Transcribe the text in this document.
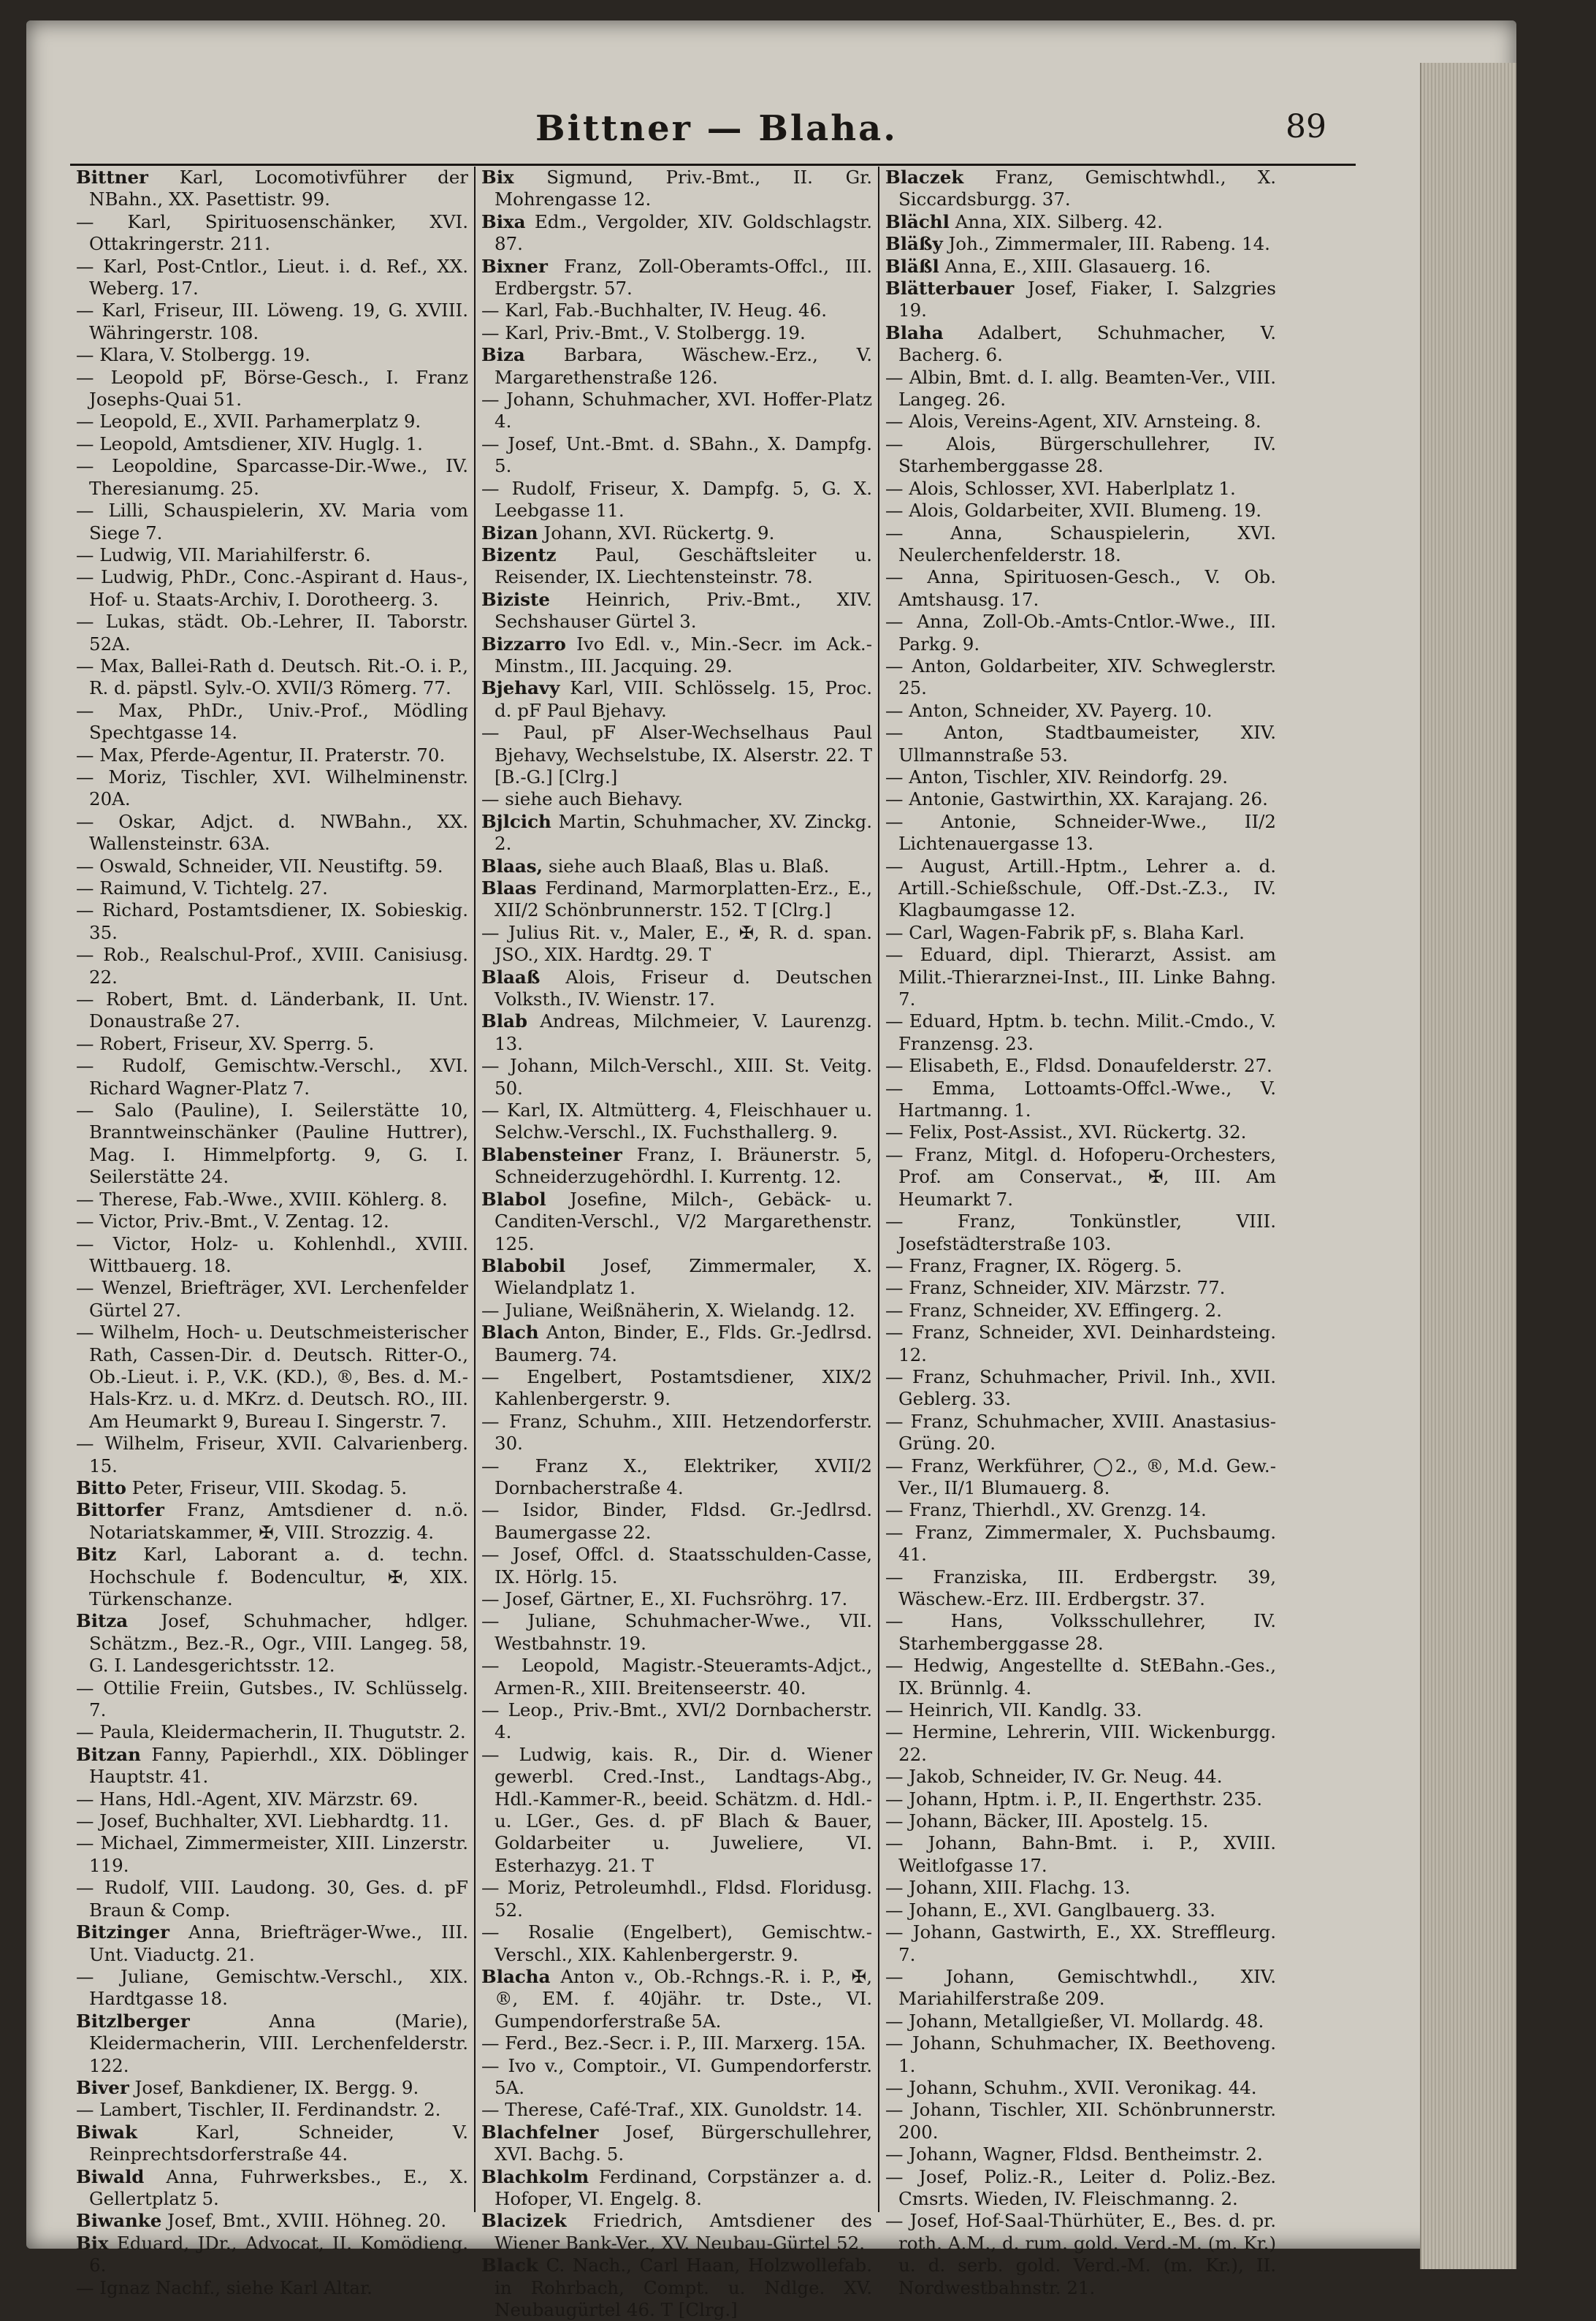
Bittner — Blaha.	89

Bittner Karl, Locomotivführer der NBahn., XX. Pasettistr. 99.

— Karl, Spirituosenschänker, XVI. Ottakringerstr. 211.

— Karl, Post-Cntlor., Lieut. i. d. Ref., XX. Weberg. 17.

— Karl, Friseur, III. Löweng. 19, G. XVIII. Währingerstr. 108.

— Klara, V. Stolbergg. 19.

— Leopold pF, Börse-Gesch., I. Franz Josephs-Quai 51.

— Leopold, E., XVII. Parhamerplatz 9.

— Leopold, Amtsdiener, XIV. Huglg. 1.

— Leopoldine, Sparcasse-Dir.-Wwe., IV. Theresianumg. 25.

— Lilli, Schauspielerin, XV. Maria vom Siege 7.

— Ludwig, VII. Mariahilferstr. 6.

— Ludwig, PhDr., Conc.-Aspirant d. Haus-, Hof- u. Staats-Archiv, I. Dorotheerg. 3.

— Lukas, städt. Ob.-Lehrer, II. Taborstr. 52A.

— Max, Ballei-Rath d. Deutsch. Rit.-O. i. P., R. d. päpstl. Sylv.-O. XVII/3 Römerg. 77.

— Max, PhDr., Univ.-Prof., Mödling Spechtgasse 14.

— Max, Pferde-Agentur, II. Praterstr. 70.

— Moriz, Tischler, XVI. Wilhelminenstr. 20A.

— Oskar, Adjct. d. NWBahn., XX. Wallensteinstr. 63A.

— Oswald, Schneider, VII. Neustiftg. 59.

— Raimund, V. Tichtelg. 27.

— Richard, Postamtsdiener, IX. Sobieskig. 35.

— Rob., Realschul-Prof., XVIII. Canisiusg. 22.

— Robert, Bmt. d. Länderbank, II. Unt. Donaustraße 27.

— Robert, Friseur, XV. Sperrg. 5.

— Rudolf, Gemischtw.-Verschl., XVI. Richard Wagner-Platz 7.

— Salo (Pauline), I. Seilerstätte 10, Branntweinschänker (Pauline Huttrer), Mag. I. Himmelpfortg. 9, G. I. Seilerstätte 24.

— Therese, Fab.-Wwe., XVIII. Köhlerg. 8.

— Victor, Priv.-Bmt., V. Zentag. 12.

— Victor, Holz- u. Kohlenhdl., XVIII. Wittbauerg. 18.

— Wenzel, Briefträger, XVI. Lerchenfelder Gürtel 27.

— Wilhelm, Hoch- u. Deutschmeisterischer Rath, Cassen-Dir. d. Deutsch. Ritter-O., Ob.-Lieut. i. P., V.K. (KD.), ®, Bes. d. M.-Hals-Krz. u. d. MKrz. d. Deutsch. RO., III. Am Heumarkt 9, Bureau I. Singerstr. 7.

— Wilhelm, Friseur, XVII. Calvarienberg. 15.

Bitto Peter, Friseur, VIII. Skodag. 5.

Bittorfer Franz, Amtsdiener d. n.ö. Notariatskammer, ✠, VIII. Strozzig. 4.

Bitz Karl, Laborant a. d. techn. Hochschule f. Bodencultur, ✠, XIX. Türkenschanze.

Bitza Josef, Schuhmacher, hdlger. Schätzm., Bez.-R., Ogr., VIII. Langeg. 58, G. I. Landesgerichtsstr. 12.

— Ottilie Freiin, Gutsbes., IV. Schlüsselg. 7.

— Paula, Kleidermacherin, II. Thugutstr. 2.

Bitzan Fanny, Papierhdl., XIX. Döblinger Hauptstr. 41.

— Hans, Hdl.-Agent, XIV. Märzstr. 69.

— Josef, Buchhalter, XVI. Liebhardtg. 11.

— Michael, Zimmermeister, XIII. Linzerstr. 119.

— Rudolf, VIII. Laudong. 30, Ges. d. pF Braun & Comp.

Bitzinger Anna, Briefträger-Wwe., III. Unt. Viaductg. 21.

— Juliane, Gemischtw.-Verschl., XIX. Hardtgasse 18.

Bitzlberger Anna (Marie), Kleidermacherin, VIII. Lerchenfelderstr. 122.

Biver Josef, Bankdiener, IX. Bergg. 9.

— Lambert, Tischler, II. Ferdinandstr. 2.

Biwak Karl, Schneider, V. Reinprechtsdorferstraße 44.

Biwald Anna, Fuhrwerksbes., E., X. Gellertplatz 5.

Biwanke Josef, Bmt., XVIII. Höhneg. 20.

Bix Eduard, JDr., Advocat, II. Komödieng. 6.

— Ignaz Nachf., siehe Karl Altar.

Bix Sigmund, Priv.-Bmt., II. Gr. Mohrengasse 12.

Bixa Edm., Vergolder, XIV. Goldschlagstr. 87.

Bixner Franz, Zoll-Oberamts-Offcl., III. Erdbergstr. 57.

— Karl, Fab.-Buchhalter, IV. Heug. 46.

— Karl, Priv.-Bmt., V. Stolbergg. 19.

Biza Barbara, Wäschew.-Erz., V. Margarethenstraße 126.

— Johann, Schuhmacher, XVI. Hoffer-Platz 4.

— Josef, Unt.-Bmt. d. SBahn., X. Dampfg. 5.

— Rudolf, Friseur, X. Dampfg. 5, G. X. Leebgasse 11.

Bizan Johann, XVI. Rückertg. 9.

Bizentz Paul, Geschäftsleiter u. Reisender, IX. Liechtensteinstr. 78.

Biziste Heinrich, Priv.-Bmt., XIV. Sechshauser Gürtel 3.

Bizzarro Ivo Edl. v., Min.-Secr. im Ack.-Minstm., III. Jacquing. 29.

Bjehavy Karl, VIII. Schlösselg. 15, Proc. d. pF Paul Bjehavy.

— Paul, pF Alser-Wechselhaus Paul Bjehavy, Wechselstube, IX. Alserstr. 22. T [B.-G.] [Clrg.]

— siehe auch Biehavy.

Bjlcich Martin, Schuhmacher, XV. Zinckg. 2.

Blaas, siehe auch Blaaß, Blas u. Blaß.

Blaas Ferdinand, Marmorplatten-Erz., E., XII/2 Schönbrunnerstr. 152. T [Clrg.]

— Julius Rit. v., Maler, E., ✠, R. d. span. JSO., XIX. Hardtg. 29. T

Blaaß Alois, Friseur d. Deutschen Volksth., IV. Wienstr. 17.

Blab Andreas, Milchmeier, V. Laurenzg. 13.

— Johann, Milch-Verschl., XIII. St. Veitg. 50.

— Karl, IX. Altmütterg. 4, Fleischhauer u. Selchw.-Verschl., IX. Fuchsthallerg. 9.

Blabensteiner Franz, I. Bräunerstr. 5, Schneiderzugehördhl. I. Kurrentg. 12.

Blabol Josefine, Milch-, Gebäck- u. Canditen-Verschl., V/2 Margarethenstr. 125.

Blabobil Josef, Zimmermaler, X. Wielandplatz 1.

— Juliane, Weißnäherin, X. Wielandg. 12.

Blach Anton, Binder, E., Flds. Gr.-Jedlrsd. Baumerg. 74.

— Engelbert, Postamtsdiener, XIX/2 Kahlenbergerstr. 9.

— Franz, Schuhm., XIII. Hetzendorferstr. 30.

— Franz X., Elektriker, XVII/2 Dornbacherstraße 4.

— Isidor, Binder, Fldsd. Gr.-Jedlrsd. Baumergasse 22.

— Josef, Offcl. d. Staatsschulden-Casse, IX. Hörlg. 15.

— Josef, Gärtner, E., XI. Fuchsröhrg. 17.

— Juliane, Schuhmacher-Wwe., VII. Westbahnstr. 19.

— Leopold, Magistr.-Steueramts-Adjct., Armen-R., XIII. Breitenseerstr. 40.

— Leop., Priv.-Bmt., XVI/2 Dornbacherstr. 4.

— Ludwig, kais. R., Dir. d. Wiener gewerbl. Cred.-Inst., Landtags-Abg., Hdl.-Kammer-R., beeid. Schätzm. d. Hdl.- u. LGer., Ges. d. pF Blach & Bauer, Goldarbeiter u. Juweliere, VI. Esterhazyg. 21. T

— Moriz, Petroleumhdl., Fldsd. Floridusg. 52.

— Rosalie (Engelbert), Gemischtw.-Verschl., XIX. Kahlenbergerstr. 9.

Blacha Anton v., Ob.-Rchngs.-R. i. P., ✠, ®, EM. f. 40jähr. tr. Dste., VI. Gumpendorferstraße 5A.

— Ferd., Bez.-Secr. i. P., III. Marxerg. 15A.

— Ivo v., Comptoir., VI. Gumpendorferstr. 5A.

— Therese, Café-Traf., XIX. Gunoldstr. 14.

Blachfelner Josef, Bürgerschullehrer, XVI. Bachg. 5.

Blachkolm Ferdinand, Corpstänzer a. d. Hofoper, VI. Engelg. 8.

Blacizek Friedrich, Amtsdiener des Wiener Bank-Ver., XV. Neubau-Gürtel 52.

Black C. Nach., Carl Haan, Holzwollefab. in Rohrbach, Compt. u. Ndlge. XV. Neubaugürtel 46. T [Clrg.]

Blaczek Franz, Gemischtwhdl., X. Siccardsburgg. 37.

Blächl Anna, XIX. Silberg. 42.

Bläßy Joh., Zimmermaler, III. Rabeng. 14.

Bläßl Anna, E., XIII. Glasauerg. 16.

Blätterbauer Josef, Fiaker, I. Salzgries 19.

Blaha Adalbert, Schuhmacher, V. Bacherg. 6.

— Albin, Bmt. d. I. allg. Beamten-Ver., VIII. Langeg. 26.

— Alois, Vereins-Agent, XIV. Arnsteing. 8.

— Alois, Bürgerschullehrer, IV. Starhemberggasse 28.

— Alois, Schlosser, XVI. Haberlplatz 1.

— Alois, Goldarbeiter, XVII. Blumeng. 19.

— Anna, Schauspielerin, XVI. Neulerchenfelderstr. 18.

— Anna, Spirituosen-Gesch., V. Ob. Amtshausg. 17.

— Anna, Zoll-Ob.-Amts-Cntlor.-Wwe., III. Parkg. 9.

— Anton, Goldarbeiter, XIV. Schweglerstr. 25.

— Anton, Schneider, XV. Payerg. 10.

— Anton, Stadtbaumeister, XIV. Ullmannstraße 53.

— Anton, Tischler, XIV. Reindorfg. 29.

— Antonie, Gastwirthin, XX. Karajang. 26.

— Antonie, Schneider-Wwe., II/2 Lichtenauergasse 13.

— August, Artill.-Hptm., Lehrer a. d. Artill.-Schießschule, Off.-Dst.-Z.3., IV. Klagbaumgasse 12.

— Carl, Wagen-Fabrik pF, s. Blaha Karl.

— Eduard, dipl. Thierarzt, Assist. am Milit.-Thierarznei-Inst., III. Linke Bahng. 7.

— Eduard, Hptm. b. techn. Milit.-Cmdo., V. Franzensg. 23.

— Elisabeth, E., Fldsd. Donaufelderstr. 27.

— Emma, Lottoamts-Offcl.-Wwe., V. Hartmanng. 1.

— Felix, Post-Assist., XVI. Rückertg. 32.

— Franz, Mitgl. d. Hofoperu-Orchesters, Prof. am Conservat., ✠, III. Am Heumarkt 7.

— Franz, Tonkünstler, VIII. Josefstädterstraße 103.

— Franz, Fragner, IX. Rögerg. 5.

— Franz, Schneider, XIV. Märzstr. 77.

— Franz, Schneider, XV. Effingerg. 2.

— Franz, Schneider, XVI. Deinhardsteing. 12.

— Franz, Schuhmacher, Privil. Inh., XVII. Geblerg. 33.

— Franz, Schuhmacher, XVIII. Anastasius-Grüng. 20.

— Franz, Werkführer, ◯2., ®, M.d. Gew.-Ver., II/1 Blumauerg. 8.

— Franz, Thierhdl., XV. Grenzg. 14.

— Franz, Zimmermaler, X. Puchsbaumg. 41.

— Franziska, III. Erdbergstr. 39, Wäschew.-Erz. III. Erdbergstr. 37.

— Hans, Volksschullehrer, IV. Starhemberggasse 28.

— Hedwig, Angestellte d. StEBahn.-Ges., IX. Brünnlg. 4.

— Heinrich, VII. Kandlg. 33.

— Hermine, Lehrerin, VIII. Wickenburgg. 22.

— Jakob, Schneider, IV. Gr. Neug. 44.

— Johann, Hptm. i. P., II. Engerthstr. 235.

— Johann, Bäcker, III. Apostelg. 15.

— Johann, Bahn-Bmt. i. P., XVIII. Weitlofgasse 17.

— Johann, XIII. Flachg. 13.

— Johann, E., XVI. Ganglbauerg. 33.

— Johann, Gastwirth, E., XX. Streffleurg. 7.

— Johann, Gemischtwhdl., XIV. Mariahilferstraße 209.

— Johann, Metallgießer, VI. Mollardg. 48.

— Johann, Schuhmacher, IX. Beethoveng. 1.

— Johann, Schuhm., XVII. Veronikag. 44.

— Johann, Tischler, XII. Schönbrunnerstr. 200.

— Johann, Wagner, Fldsd. Bentheimstr. 2.

— Josef, Poliz.-R., Leiter d. Poliz.-Bez. Cmsrts. Wieden, IV. Fleischmanng. 2.

— Josef, Hof-Saal-Thürhüter, E., Bes. d. pr. roth. A.M., d. rum. gold. Verd.-M. (m. Kr.) u. d. serb. gold. Verd.-M. (m. Kr.), II. Nordwestbahnstr. 21.
